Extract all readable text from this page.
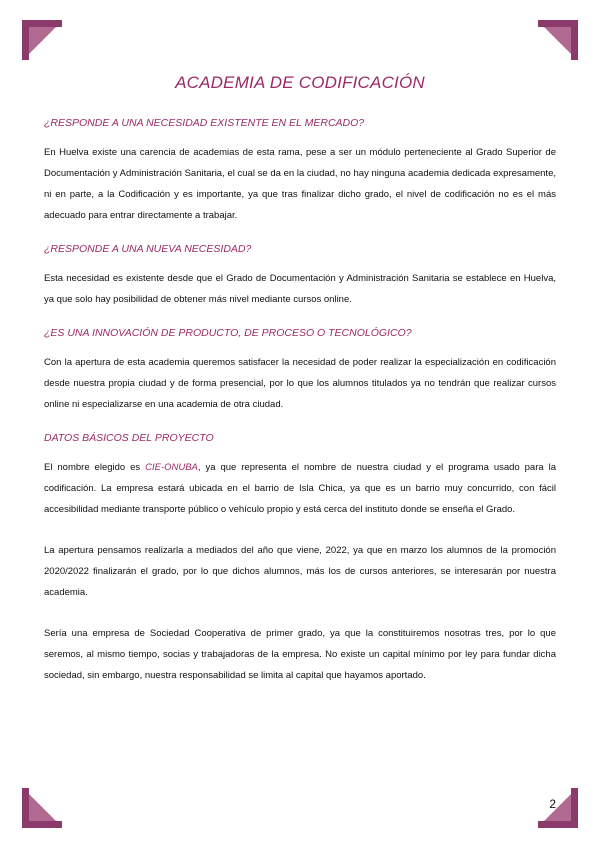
ACADEMIA DE CODIFICACIÓN

¿RESPONDE A UNA NECESIDAD EXISTENTE EN EL MERCADO?

En Huelva existe una carencia de academias de esta rama, pese a ser un módulo perteneciente al Grado Superior de Documentación y Administración Sanitaria, el cual se da en la ciudad, no hay ninguna academia dedicada expresamente, ni en parte, a la Codificación y es importante, ya que tras finalizar dicho grado, el nivel de codificación no es el más adecuado para entrar directamente a trabajar.

¿RESPONDE A UNA NUEVA NECESIDAD?

Esta necesidad es existente desde que el Grado de Documentación y Administración Sanitaria se establece en Huelva, ya que solo hay posibilidad de obtener más nivel mediante cursos online.

¿ES UNA INNOVACIÓN DE PRODUCTO, DE PROCESO O TECNOLÓGICO?

Con la apertura de esta academia queremos satisfacer la necesidad de poder realizar la especialización en codificación desde nuestra propia ciudad y de forma presencial, por lo que los alumnos titulados ya no tendrán que realizar cursos online ni especializarse en una academia de otra ciudad.

DATOS BÁSICOS DEL PROYECTO

El nombre elegido es CIE-ONUBA, ya que representa el nombre de nuestra ciudad y el programa usado para la codificación. La empresa estará ubicada en el barrio de Isla Chica, ya que es un barrio muy concurrido, con fácil accesibilidad mediante transporte público o vehículo propio y está cerca del instituto donde se enseña el Grado.

La apertura pensamos realizarla a mediados del año que viene, 2022, ya que en marzo los alumnos de la promoción 2020/2022 finalizarán el grado, por lo que dichos alumnos, más los de cursos anteriores, se interesarán por nuestra academia.

Sería una empresa de Sociedad Cooperativa de primer grado, ya que la constituiremos nosotras tres, por lo que seremos, al mismo tiempo, socias y trabajadoras de la empresa. No existe un capital mínimo por ley para fundar dicha sociedad, sin embargo, nuestra responsabilidad se limita al capital que hayamos aportado.

2
